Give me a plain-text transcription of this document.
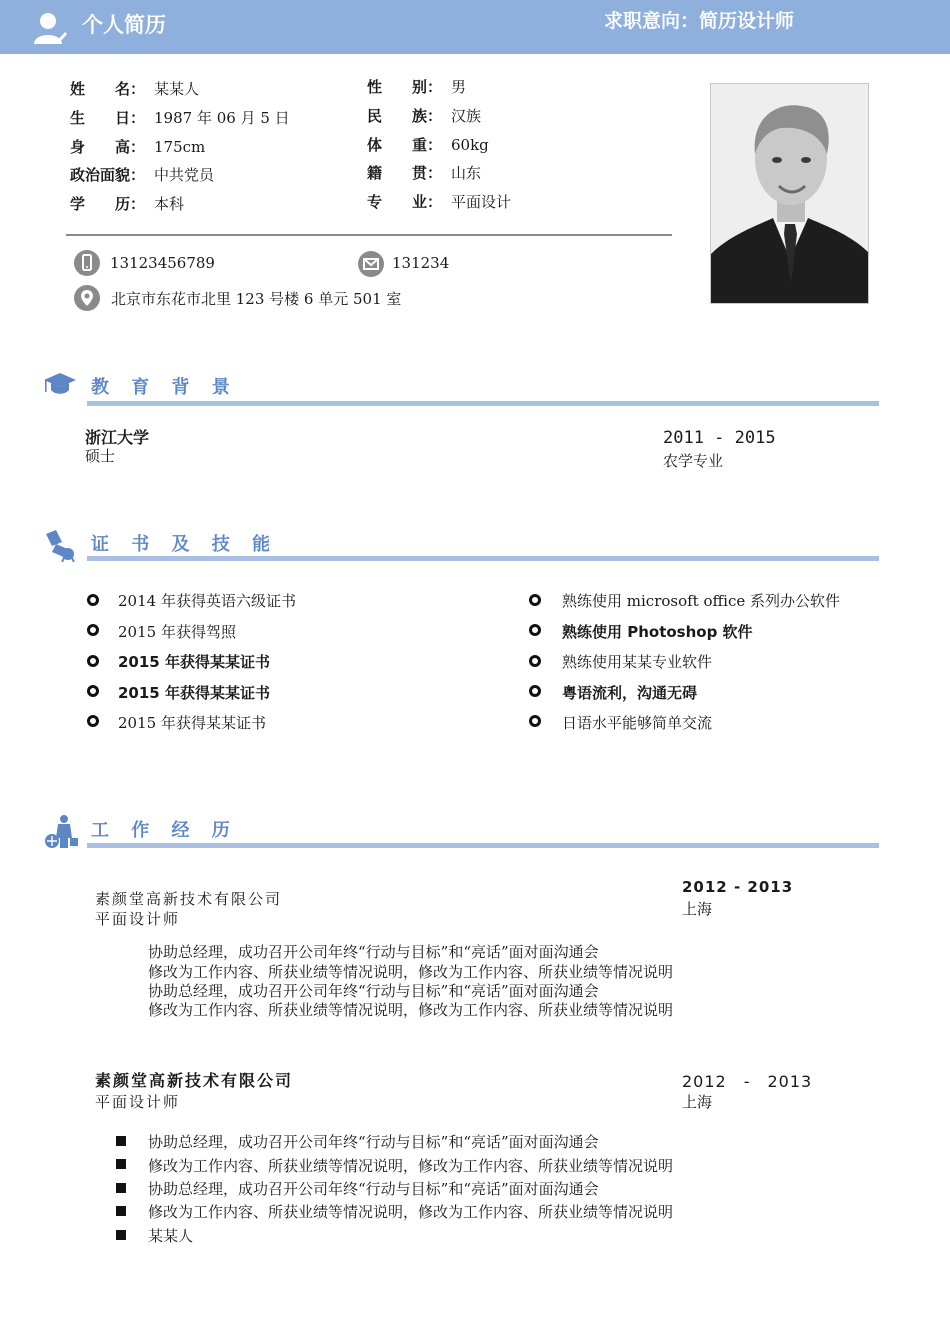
个人简历	求职意向：简历设计师
姓　　名： 某某人
生　　日： 1987 年 06 月 5 日
身　　高： 175cm
政治面貌： 中共党员
学　　历： 本科
性　　别： 男
民　　族： 汉族
体　　重： 60kg
籍　　贯： 山东
专　　业： 平面设计
13123456789	131234
北京市东花市北里 123 号楼 6 单元 501 室
教 育 背 景
浙江大学
硕士
2011 - 2015
农学专业
证 书 及 技 能
2014 年获得英语六级证书
2015 年获得驾照
2015 年获得某某证书
2015 年获得某某证书
2015 年获得某某证书
熟练使用 microsoft office 系列办公软件
熟练使用 Photoshop 软件
熟练使用某某专业软件
粤语流利，沟通无碍
日语水平能够简单交流
工 作 经 历
素颜堂高新技术有限公司
平面设计师
2012 - 2013
上海
协助总经理，成功召开公司年终“行动与目标”和“亮话”面对面沟通会
修改为工作内容、所获业绩等情况说明，修改为工作内容、所获业绩等情况说明
协助总经理，成功召开公司年终“行动与目标”和“亮话”面对面沟通会
修改为工作内容、所获业绩等情况说明，修改为工作内容、所获业绩等情况说明
素颜堂高新技术有限公司
平面设计师
2012　-　2013
上海
协助总经理，成功召开公司年终“行动与目标”和“亮话”面对面沟通会
修改为工作内容、所获业绩等情况说明，修改为工作内容、所获业绩等情况说明
协助总经理，成功召开公司年终“行动与目标”和“亮话”面对面沟通会
修改为工作内容、所获业绩等情况说明，修改为工作内容、所获业绩等情况说明
某某人
